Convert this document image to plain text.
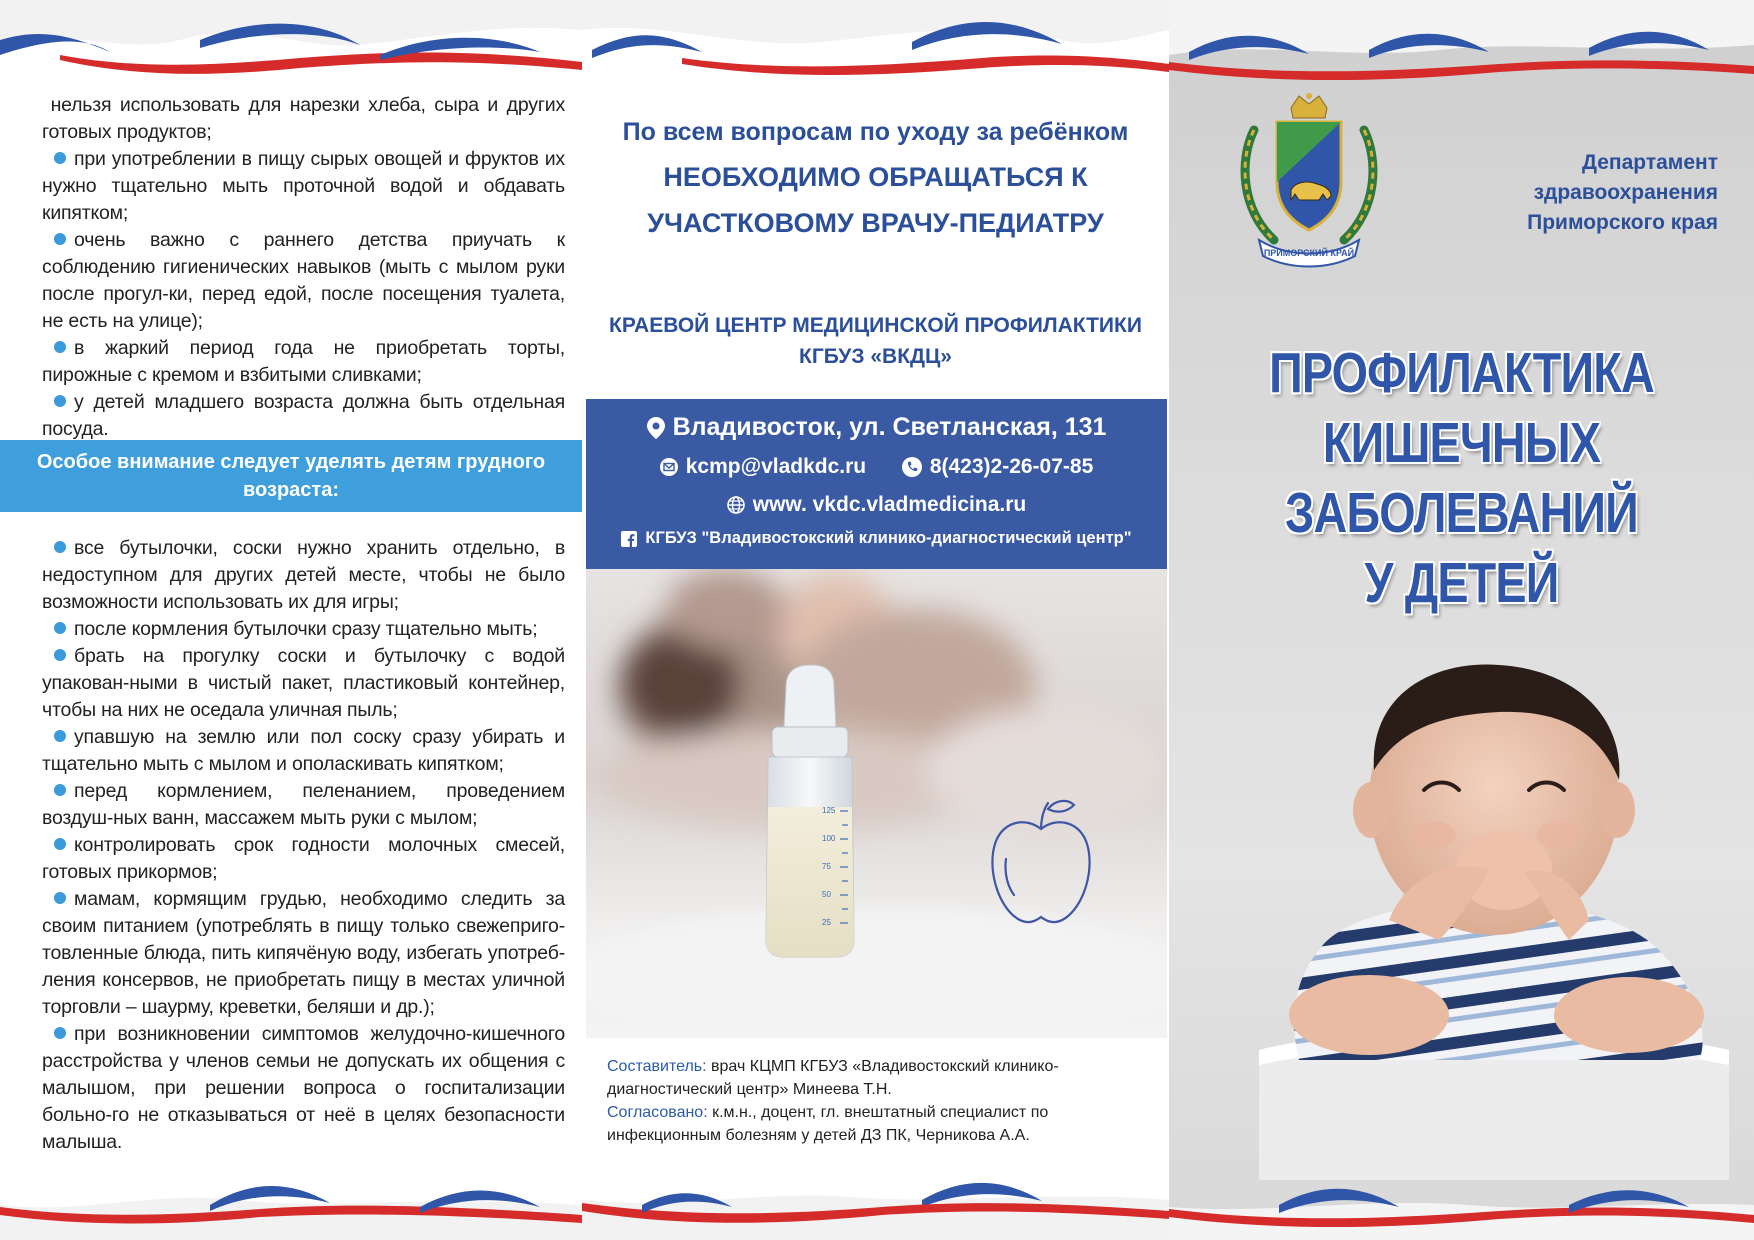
нельзя использовать для нарезки хлеба, сыра и других готовых продуктов;

при употреблении в пищу сырых овощей и фруктов их нужно тщательно мыть проточной водой и обдавать кипятком;

очень важно с раннего детства приучать к соблюдению гигиенических навыков (мыть с мылом руки после прогул-ки, перед едой, после посещения туалета, не есть на улице);

в жаркий период года не приобретать торты, пирожные с кремом и взбитыми сливками;

у детей младшего возраста должна быть отдельная посуда.

Особое внимание следует уделять детям грудного возраста:

все бутылочки, соски нужно хранить отдельно, в недоступном для других детей месте, чтобы не было возможности использовать их для игры;

после кормления бутылочки сразу тщательно мыть;

брать на прогулку соски и бутылочку с водой упакован-ными в чистый пакет, пластиковый контейнер, чтобы на них не оседала уличная пыль;

упавшую на землю или пол соску сразу убирать и тщательно мыть с мылом и ополаскивать кипятком;

перед кормлением, пеленанием, проведением воздуш-ных ванн, массажем мыть руки с мылом;

контролировать срок годности молочных смесей, готовых прикормов;

мамам, кормящим грудью, необходимо следить за своим питанием (употреблять в пищу только свежеприго-товленные блюда, пить кипячёную воду, избегать употреб-ления консервов, не приобретать пищу в местах уличной торговли – шаурму, креветки, беляши и др.);

при возникновении симптомов желудочно-кишечного расстройства у членов семьи не допускать их общения с малышом, при решении вопроса о госпитализации больно-го не отказываться от неё в целях безопасности малыша.

По всем вопросам по уходу за ребёнком
НЕОБХОДИМО ОБРАЩАТЬСЯ К
УЧАСТКОВОМУ ВРАЧУ-ПЕДИАТРУ
КРАЕВОЙ ЦЕНТР МЕДИЦИНСКОЙ ПРОФИЛАКТИКИ
КГБУЗ «ВКДЦ»
Владивосток, ул. Светланская, 131
kcmp@vladkdc.ru	8(423)2-26-07-85
www. vkdc.vladmedicina.ru
КГБУЗ "Владивостокский клинико-диагностический центр"
125
100
75
50
25
Составитель: врач КЦМП КГБУЗ «Владивостокский клинико-диагностический центр» Минеева Т.Н.
Согласовано: к.м.н., доцент, гл. внештатный специалист по инфекционным болезням у детей ДЗ ПК, Черникова А.А.
ПРИМОРСКИЙ КРАЙ
Департамент
здравоохранения
Приморского края
ПРОФИЛАКТИКА
КИШЕЧНЫХ
ЗАБОЛЕВАНИЙ
У ДЕТЕЙ
